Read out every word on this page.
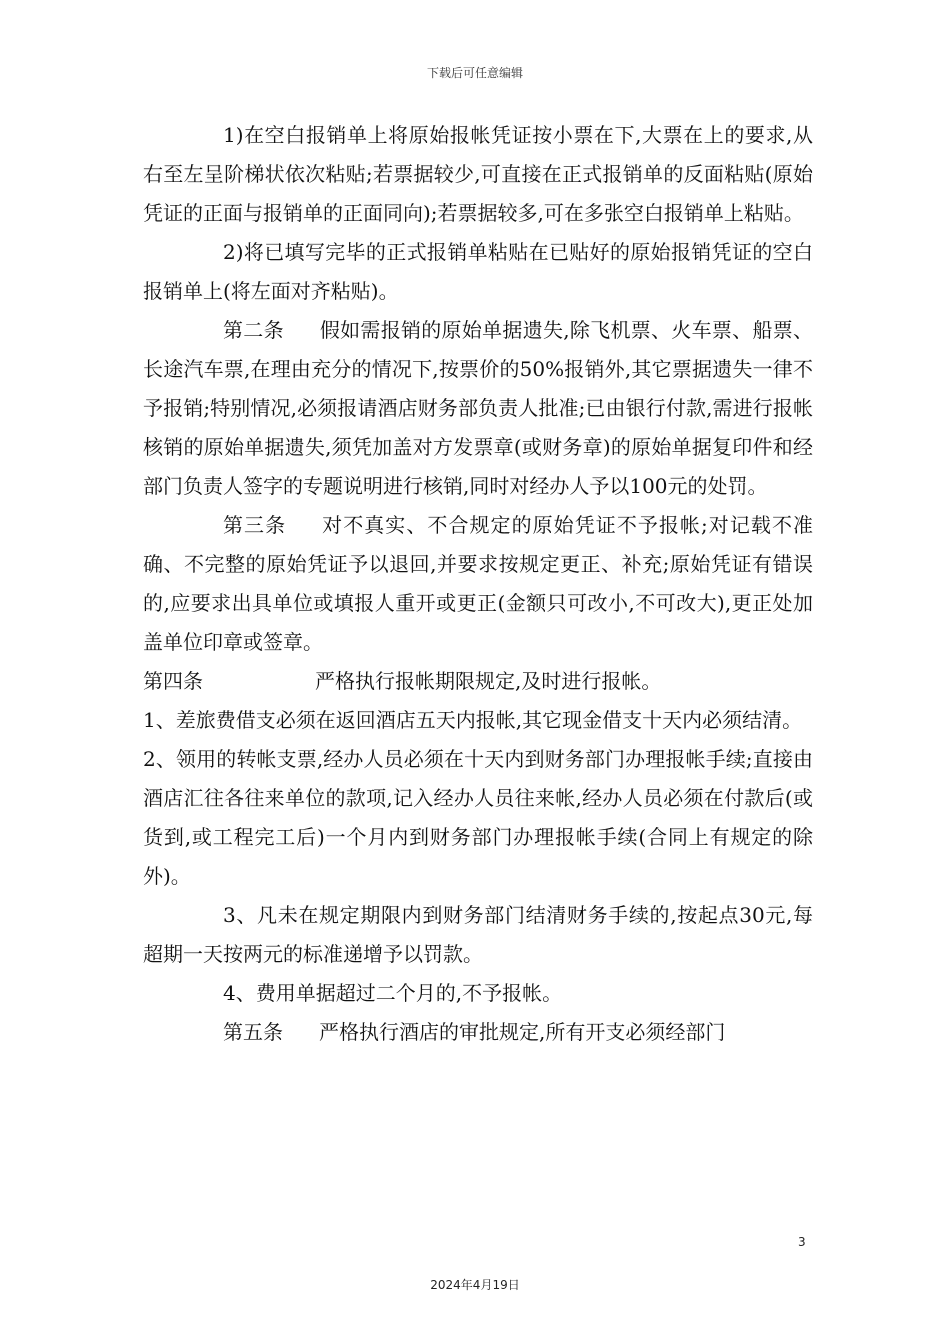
下载后可任意编辑

1)在空白报销单上将原始报帐凭证按小票在下,大票在上的要求,从右至左呈阶梯状依次粘贴;若票据较少,可直接在正式报销单的反面粘贴(原始凭证的正面与报销单的正面同向);若票据较多,可在多张空白报销单上粘贴。

2)将已填写完毕的正式报销单粘贴在已贴好的原始报销凭证的空白报销单上(将左面对齐粘贴)。

第二条 假如需报销的原始单据遗失,除飞机票、火车票、船票、长途汽车票,在理由充分的情况下,按票价的50%报销外,其它票据遗失一律不予报销;特别情况,必须报请酒店财务部负责人批准;已由银行付款,需进行报帐核销的原始单据遗失,须凭加盖对方发票章(或财务章)的原始单据复印件和经部门负责人签字的专题说明进行核销,同时对经办人予以100元的处罚。

第三条 对不真实、不合规定的原始凭证不予报帐;对记载不准确、不完整的原始凭证予以退回,并要求按规定更正、补充;原始凭证有错误的,应要求出具单位或填报人重开或更正(金额只可改小,不可改大),更正处加盖单位印章或签章。

第四条	严格执行报帐期限规定,及时进行报帐。

1、差旅费借支必须在返回酒店五天内报帐,其它现金借支十天内必须结清。

2、领用的转帐支票,经办人员必须在十天内到财务部门办理报帐手续;直接由酒店汇往各往来单位的款项,记入经办人员往来帐,经办人员必须在付款后(或货到,或工程完工后)一个月内到财务部门办理报帐手续(合同上有规定的除外)。

3、凡未在规定期限内到财务部门结清财务手续的,按起点30元,每超期一天按两元的标准递增予以罚款。

4、费用单据超过二个月的,不予报帐。

第五条 严格执行酒店的审批规定,所有开支必须经部门

3
2024年4月19日
